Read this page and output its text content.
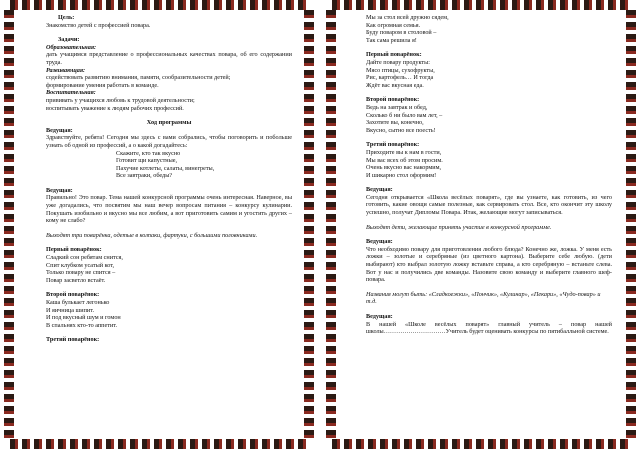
Цель:

Знакомство детей с профессией повара.

Задачи:

Образовательная:

дать учащимся представление о профессиональных качествах повара, об его содержании труда.

Развивающая:

содействовать развитию внимания, памяти, сообразительности детей;

формирование умения работать в команде.

Воспитательная:

прививать у учащихся любовь к трудовой деятельности;

воспитывать уважение к людям рабочих профессий.

Ход программы

Ведущая:

Здравствуйте, ребята! Сегодня мы здесь с вами собрались, чтобы поговорить и побольше узнать об одной из профессий, а о какой догадайтесь:

Скажите, кто так вкусно

Готовит щи капустные,

Пахучие котлеты, салаты, винегреты,

Все завтраки, обеды?

Ведущая:

Правильно! Это повар. Тема нашей конкурсной программы очень интересная. Наверное, вы уже догадались, что посвятим мы наш вечер вопросам питания – конкурсу кулинарии. Покушать изобильно и вкусно мы все любим, а вот приготовить самим и угостить других – кому не слабо?

Выходят три поварёнка, одетые в колпаки, фартуки, с большими половниками.

Первый поварёнок:

Сладкий сон ребятам снится,

Спит клубком усатый кот,

Только повару не спится –

Повар засветло встаёт.

Второй поварёнок:

Каша булькает легонько

И яичница шипит.

И под вкусный шум и гомон

В спальнях кто-то аппетит.

Третий поварёнок:

Мы за стол всей дружно сядем,

Как огромная семья.

Буду поваром в столовой –

Так сама решила я!

Первый поварёнок:

Дайте повару продукты:

Мясо птицы, сухофрукты,

Рис, картофель… И тогда

Ждёт вас вкусная еда.

Второй поварёнок:

Ведь на завтрак и обед,

Сколько б ни было вам лет, –

Захотите вы, конечно,

Вкусно, сытно все поесть!

Третий поварёнок:

Приходите вы к нам в гости,

Мы вас всех об этом просим.

Очень вкусно вас накормим,

И шикарно стол оформим!

Ведущая:

Сегодня открывается «Школа весёлых поварят», где вы узнаете, как готовить, из чего готовить, какие овощи самые полезные, как сервировать стол. Все, кто окончит эту школу успешно, получат Дипломы Повара. Итак, желающие могут записываться.

Выходят дети, желающие принять участие в конкурсной программе.

Ведущая:

Что необходимо повару для приготовления любого блюда? Конечно же, ложка. У меня есть ложки – золотые и серебряные (из цветного картона). Выберите себе любую. (дети выбирают) кто выбрал золотую ложку вставьте справа, а кто серебряную – встаньте слева. Вот у нас и получились две команды. Назовите свою команду и выберите главного шеф-повара.

Названия могут быть: «Сладкоежки», «Пончик», «Кулинар», «Пекари», «Чудо-повар» и т.д.

Ведущая:

В нашей «Школе весёлых поварят» главный учитель – повар нашей школы…………………………Учитель будет оценивать конкурсы по пятибалльной системе.
